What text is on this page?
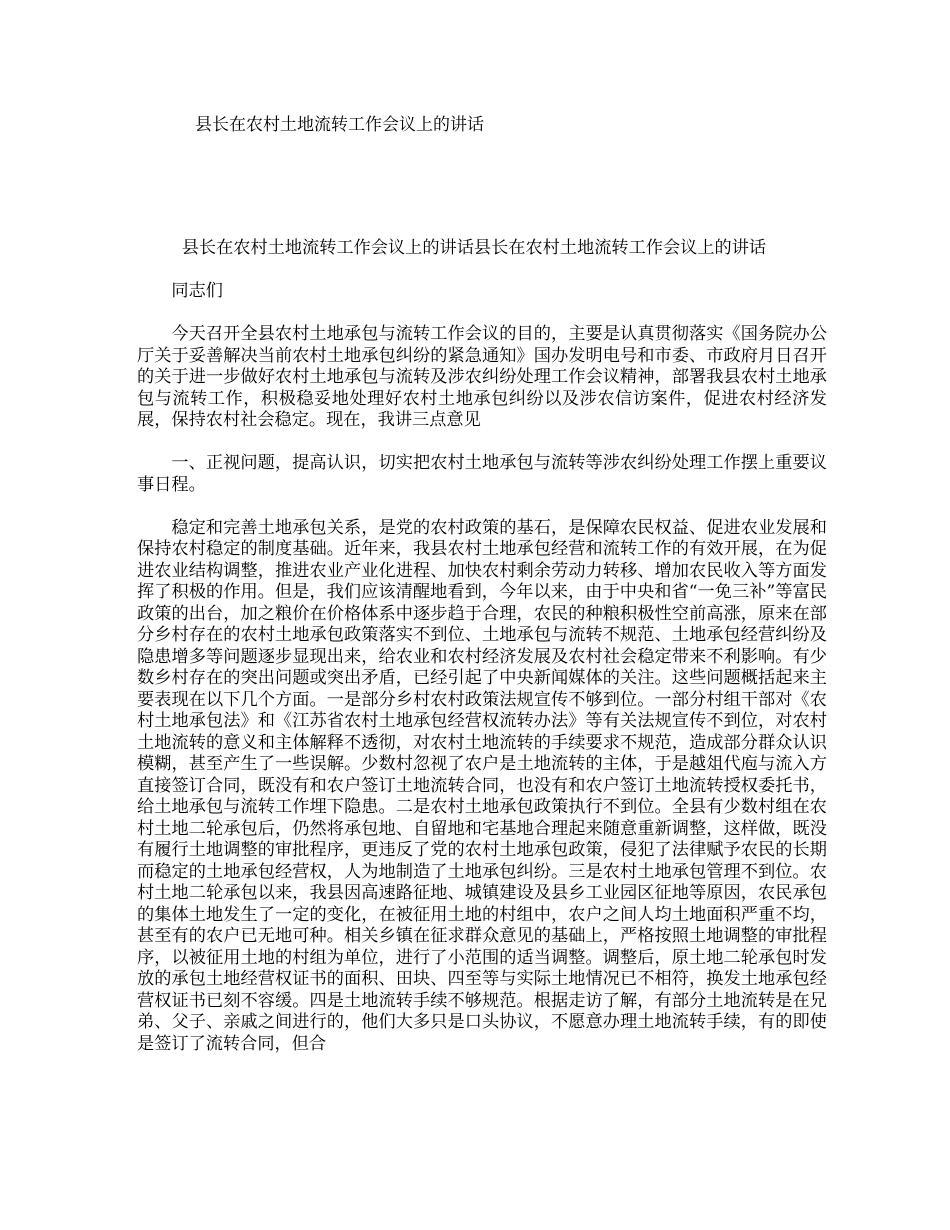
县长在农村土地流转工作会议上的讲话

县长在农村土地流转工作会议上的讲话县长在农村土地流转工作会议上的讲话

同志们

今天召开全县农村土地承包与流转工作会议的目的，主要是认真贯彻落实《国务院办公厅关于妥善解决当前农村土地承包纠纷的紧急通知》国办发明电号和市委、市政府月日召开的关于进一步做好农村土地承包与流转及涉农纠纷处理工作会议精神，部署我县农村土地承包与流转工作，积极稳妥地处理好农村土地承包纠纷以及涉农信访案件，促进农村经济发展，保持农村社会稳定。现在，我讲三点意见

一、正视问题，提高认识，切实把农村土地承包与流转等涉农纠纷处理工作摆上重要议事日程。

稳定和完善土地承包关系，是党的农村政策的基石，是保障农民权益、促进农业发展和保持农村稳定的制度基础。近年来，我县农村土地承包经营和流转工作的有效开展，在为促进农业结构调整，推进农业产业化进程、加快农村剩余劳动力转移、增加农民收入等方面发挥了积极的作用。但是，我们应该清醒地看到，今年以来，由于中央和省“一免三补”等富民政策的出台，加之粮价在价格体系中逐步趋于合理，农民的种粮积极性空前高涨，原来在部分乡村存在的农村土地承包政策落实不到位、土地承包与流转不规范、土地承包经营纠纷及隐患增多等问题逐步显现出来，给农业和农村经济发展及农村社会稳定带来不利影响。有少数乡村存在的突出问题或突出矛盾，已经引起了中央新闻媒体的关注。这些问题概括起来主要表现在以下几个方面。一是部分乡村农村政策法规宣传不够到位。一部分村组干部对《农村土地承包法》和《江苏省农村土地承包经营权流转办法》等有关法规宣传不到位，对农村土地流转的意义和主体解释不透彻，对农村土地流转的手续要求不规范，造成部分群众认识模糊，甚至产生了一些误解。少数村忽视了农户是土地流转的主体，于是越俎代庖与流入方直接签订合同，既没有和农户签订土地流转合同，也没有和农户签订土地流转授权委托书，给土地承包与流转工作埋下隐患。二是农村土地承包政策执行不到位。全县有少数村组在农村土地二轮承包后，仍然将承包地、自留地和宅基地合理起来随意重新调整，这样做，既没有履行土地调整的审批程序，更违反了党的农村土地承包政策，侵犯了法律赋予农民的长期而稳定的土地承包经营权，人为地制造了土地承包纠纷。三是农村土地承包管理不到位。农村土地二轮承包以来，我县因高速路征地、城镇建设及县乡工业园区征地等原因，农民承包的集体土地发生了一定的变化，在被征用土地的村组中，农户之间人均土地面积严重不均，甚至有的农户已无地可种。相关乡镇在征求群众意见的基础上，严格按照土地调整的审批程序，以被征用土地的村组为单位，进行了小范围的适当调整。调整后，原土地二轮承包时发放的承包土地经营权证书的面积、田块、四至等与实际土地情况已不相符，换发土地承包经营权证书已刻不容缓。四是土地流转手续不够规范。根据走访了解，有部分土地流转是在兄弟、父子、亲戚之间进行的，他们大多只是口头协议，不愿意办理土地流转手续，有的即使是签订了流转合同，但合
